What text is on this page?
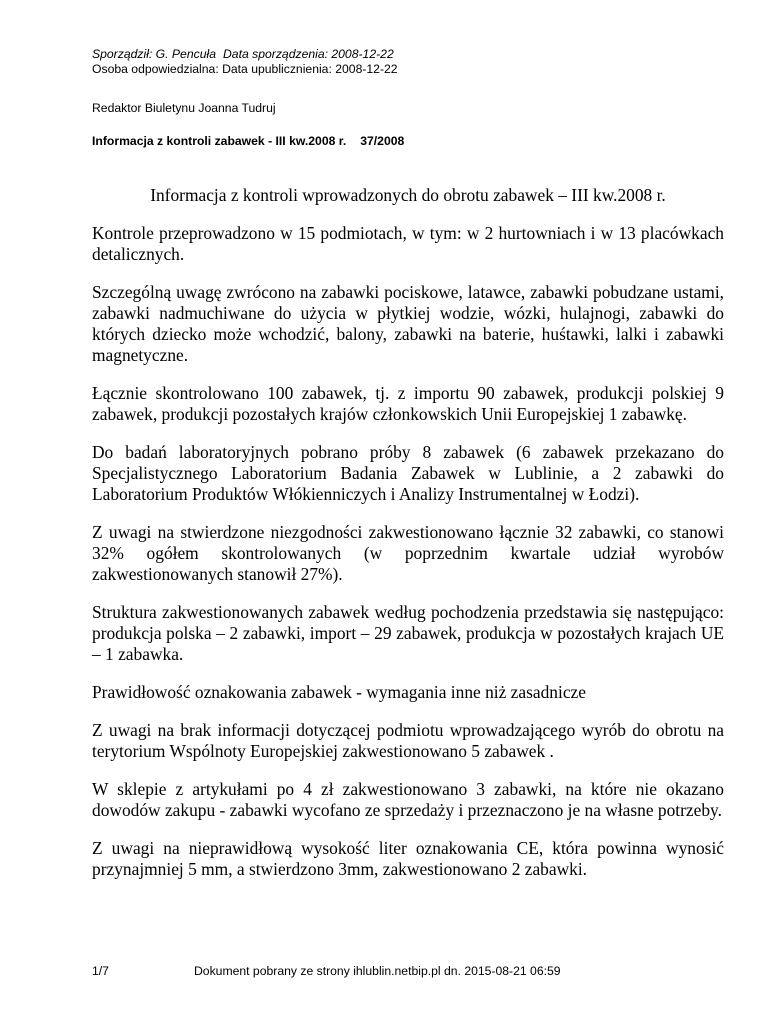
Sporządził: G. Pencuła Data sporządzenia: 2008-12-22
Osoba odpowiedzialna: Data upublicznienia: 2008-12-22
Redaktor Biuletynu Joanna Tudruj
Informacja z kontroli zabawek - III kw.2008 r. 37/2008

Informacja z kontroli wprowadzonych do obrotu zabawek – III kw.2008 r.

Kontrole przeprowadzono w 15 podmiotach, w tym: w 2 hurtowniach i w 13 placówkach detalicznych.

Szczególną uwagę zwrócono na zabawki pociskowe, latawce, zabawki pobudzane ustami, zabawki nadmuchiwane do użycia w płytkiej wodzie, wózki, hulajnogi, zabawki do których dziecko może wchodzić, balony, zabawki na baterie, huśtawki, lalki i zabawki magnetyczne.

Łącznie skontrolowano 100 zabawek, tj. z importu 90 zabawek, produkcji polskiej 9 zabawek, produkcji pozostałych krajów członkowskich Unii Europejskiej 1 zabawkę.

Do badań laboratoryjnych pobrano próby 8 zabawek (6 zabawek przekazano do Specjalistycznego Laboratorium Badania Zabawek w Lublinie, a 2 zabawki do Laboratorium Produktów Włókienniczych i Analizy Instrumentalnej w Łodzi).

Z uwagi na stwierdzone niezgodności zakwestionowano łącznie 32 zabawki, co stanowi 32% ogółem skontrolowanych (w poprzednim kwartale udział wyrobów zakwestionowanych stanowił 27%).

Struktura zakwestionowanych zabawek według pochodzenia przedstawia się następująco: produkcja polska – 2 zabawki, import – 29 zabawek, produkcja w pozostałych krajach UE – 1 zabawka.

Prawidłowość oznakowania zabawek - wymagania inne niż zasadnicze

Z uwagi na brak informacji dotyczącej podmiotu wprowadzającego wyrób do obrotu na terytorium Wspólnoty Europejskiej zakwestionowano 5 zabawek .

W sklepie z artykułami po 4 zł zakwestionowano 3 zabawki, na które nie okazano dowodów zakupu - zabawki wycofano ze sprzedaży i przeznaczono je na własne potrzeby.

Z uwagi na nieprawidłową wysokość liter oznakowania CE, która powinna wynosić przynajmniej 5 mm, a stwierdzono 3mm, zakwestionowano 2 zabawki.

1/7	Dokument pobrany ze strony ihlublin.netbip.pl dn. 2015-08-21 06:59
